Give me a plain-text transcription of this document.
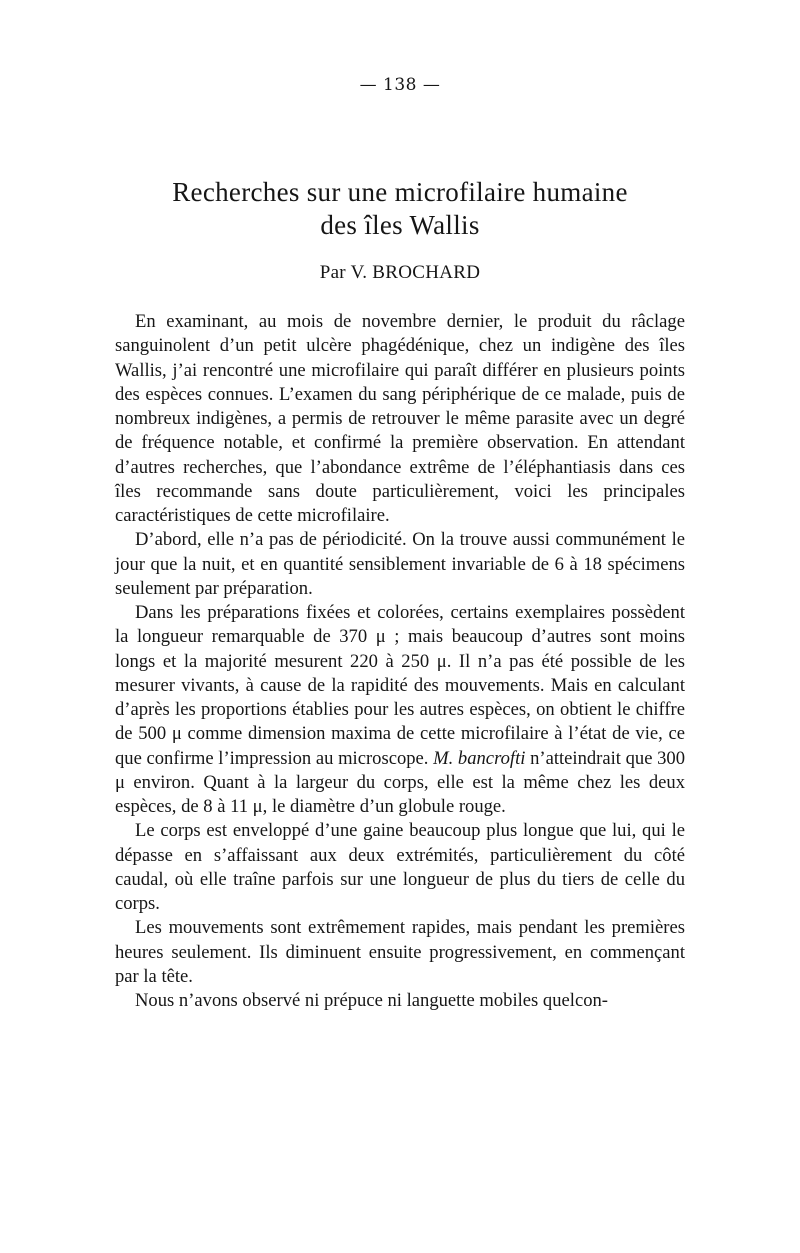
— 138 —
Recherches sur une microfilaire humaine
des îles Wallis
Par V. BROCHARD

En examinant, au mois de novembre dernier, le produit du râclage sanguinolent d’un petit ulcère phagédénique, chez un indigène des îles Wallis, j’ai rencontré une microfilaire qui paraît différer en plusieurs points des espèces connues. L’examen du sang périphérique de ce malade, puis de nombreux indigènes, a permis de retrouver le même parasite avec un degré de fréquence notable, et confirmé la première observation. En attendant d’autres recherches, que l’abondance extrême de l’éléphantiasis dans ces îles recommande sans doute particulièrement, voici les principales caractéristiques de cette microfilaire.

D’abord, elle n’a pas de périodicité. On la trouve aussi communément le jour que la nuit, et en quantité sensiblement invariable de 6 à 18 spécimens seulement par préparation.

Dans les préparations fixées et colorées, certains exemplaires possèdent la longueur remarquable de 370 μ ; mais beaucoup d’autres sont moins longs et la majorité mesurent 220 à 250 μ. Il n’a pas été possible de les mesurer vivants, à cause de la rapidité des mouvements. Mais en calculant d’après les proportions établies pour les autres espèces, on obtient le chiffre de 500 μ comme dimension maxima de cette microfilaire à l’état de vie, ce que confirme l’impression au microscope. M. bancrofti n’atteindrait que 300 μ environ. Quant à la largeur du corps, elle est la même chez les deux espèces, de 8 à 11 μ, le diamètre d’un globule rouge.

Le corps est enveloppé d’une gaine beaucoup plus longue que lui, qui le dépasse en s’affaissant aux deux extrémités, particulièrement du côté caudal, où elle traîne parfois sur une longueur de plus du tiers de celle du corps.

Les mouvements sont extrêmement rapides, mais pendant les premières heures seulement. Ils diminuent ensuite progressivement, en commençant par la tête.

Nous n’avons observé ni prépuce ni languette mobiles quelcon-
